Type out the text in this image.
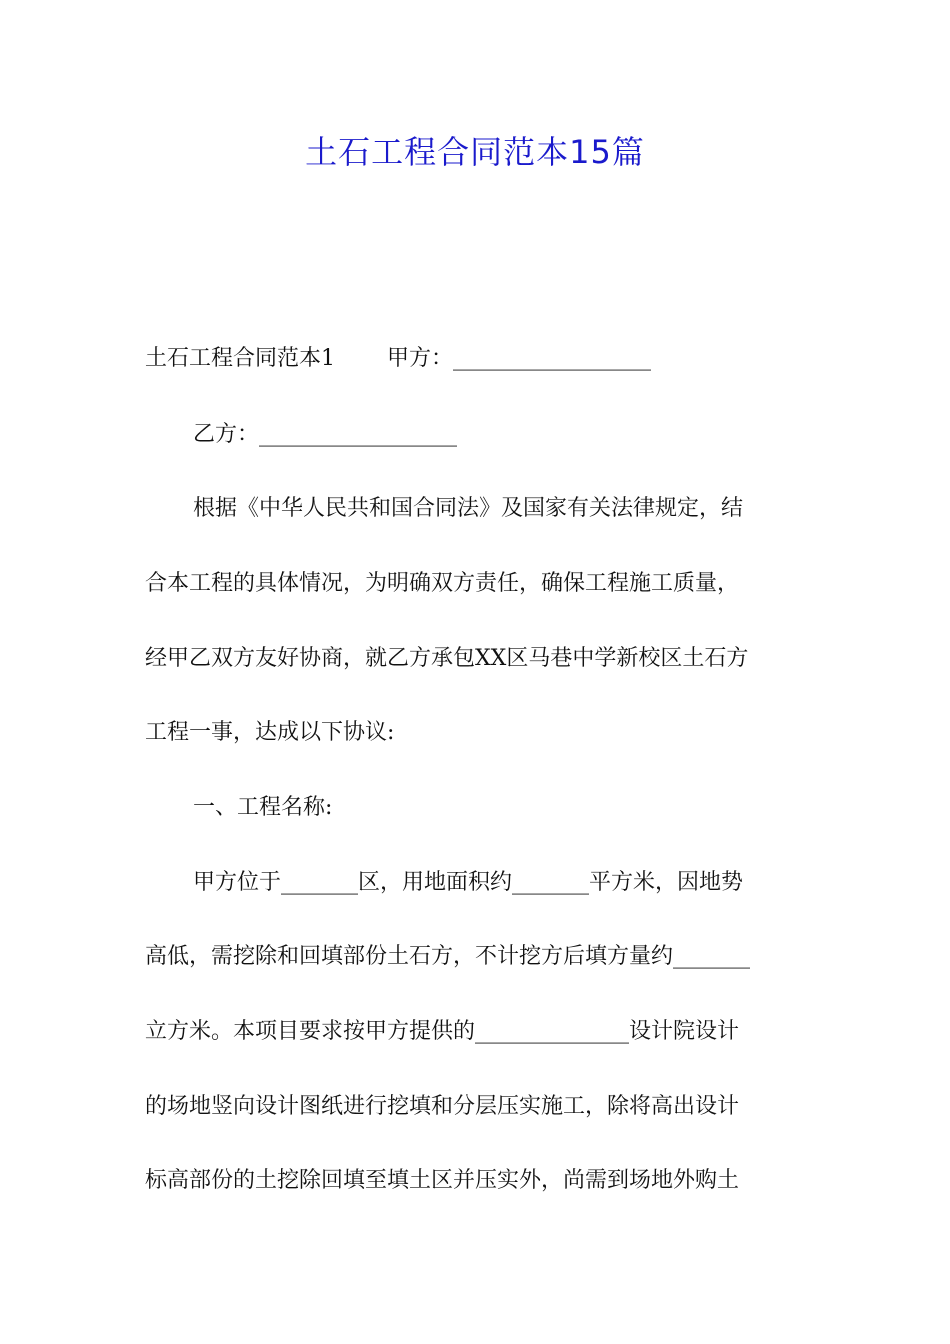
土石工程合同范本15篇
土石工程合同范本1 甲方：__________________
乙方：__________________
根据《中华人民共和国合同法》及国家有关法律规定，结
合本工程的具体情况，为明确双方责任，确保工程施工质量，
经甲乙双方友好协商，就乙方承包XX区马巷中学新校区土石方
工程一事，达成以下协议:
一、工程名称:
甲方位于_______区，用地面积约_______平方米，因地势
高低，需挖除和回填部份土石方，不计挖方后填方量约_______
立方米。本项目要求按甲方提供的______________设计院设计
的场地竖向设计图纸进行挖填和分层压实施工，除将高出设计
标高部份的土挖除回填至填土区并压实外，尚需到场地外购土
